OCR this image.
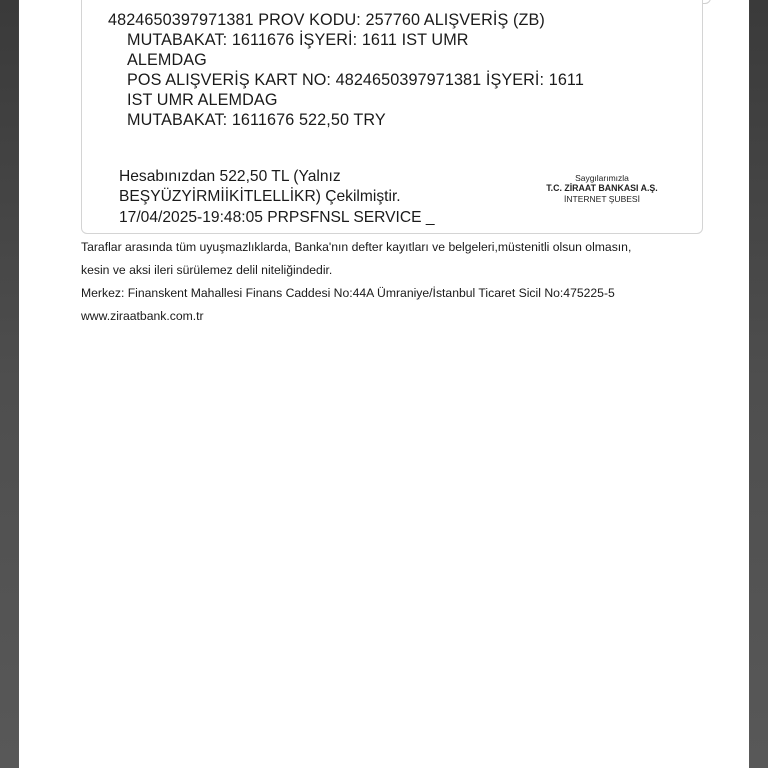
4824650397971381 PROV KODU: 257760 ALIŞVERİŞ (ZB)
MUTABAKAT: 1611676 İŞYERİ: 1611 IST UMR
ALEMDAG
POS ALIŞVERİŞ KART NO: 4824650397971381 İŞYERİ: 1611
IST UMR ALEMDAG
MUTABAKAT: 1611676 522,50 TRY
Hesabınızdan 522,50 TL (Yalnız
BEŞYÜZYİRMİİKİTLELLİKR) Çekilmiştir.
17/04/2025-19:48:05 PRPSFNSL SERVICE _
Saygılarımızla
T.C. ZİRAAT BANKASI A.Ş.
İNTERNET ŞUBESİ
Taraflar arasında tüm uyuşmazlıklarda, Banka'nın defter kayıtları ve belgeleri,müstenitli olsun olmasın,
kesin ve aksi ileri sürülemez delil niteliğindedir.
Merkez: Finanskent Mahallesi Finans Caddesi No:44A Ümraniye/İstanbul Ticaret Sicil No:475225-5
www.ziraatbank.com.tr
